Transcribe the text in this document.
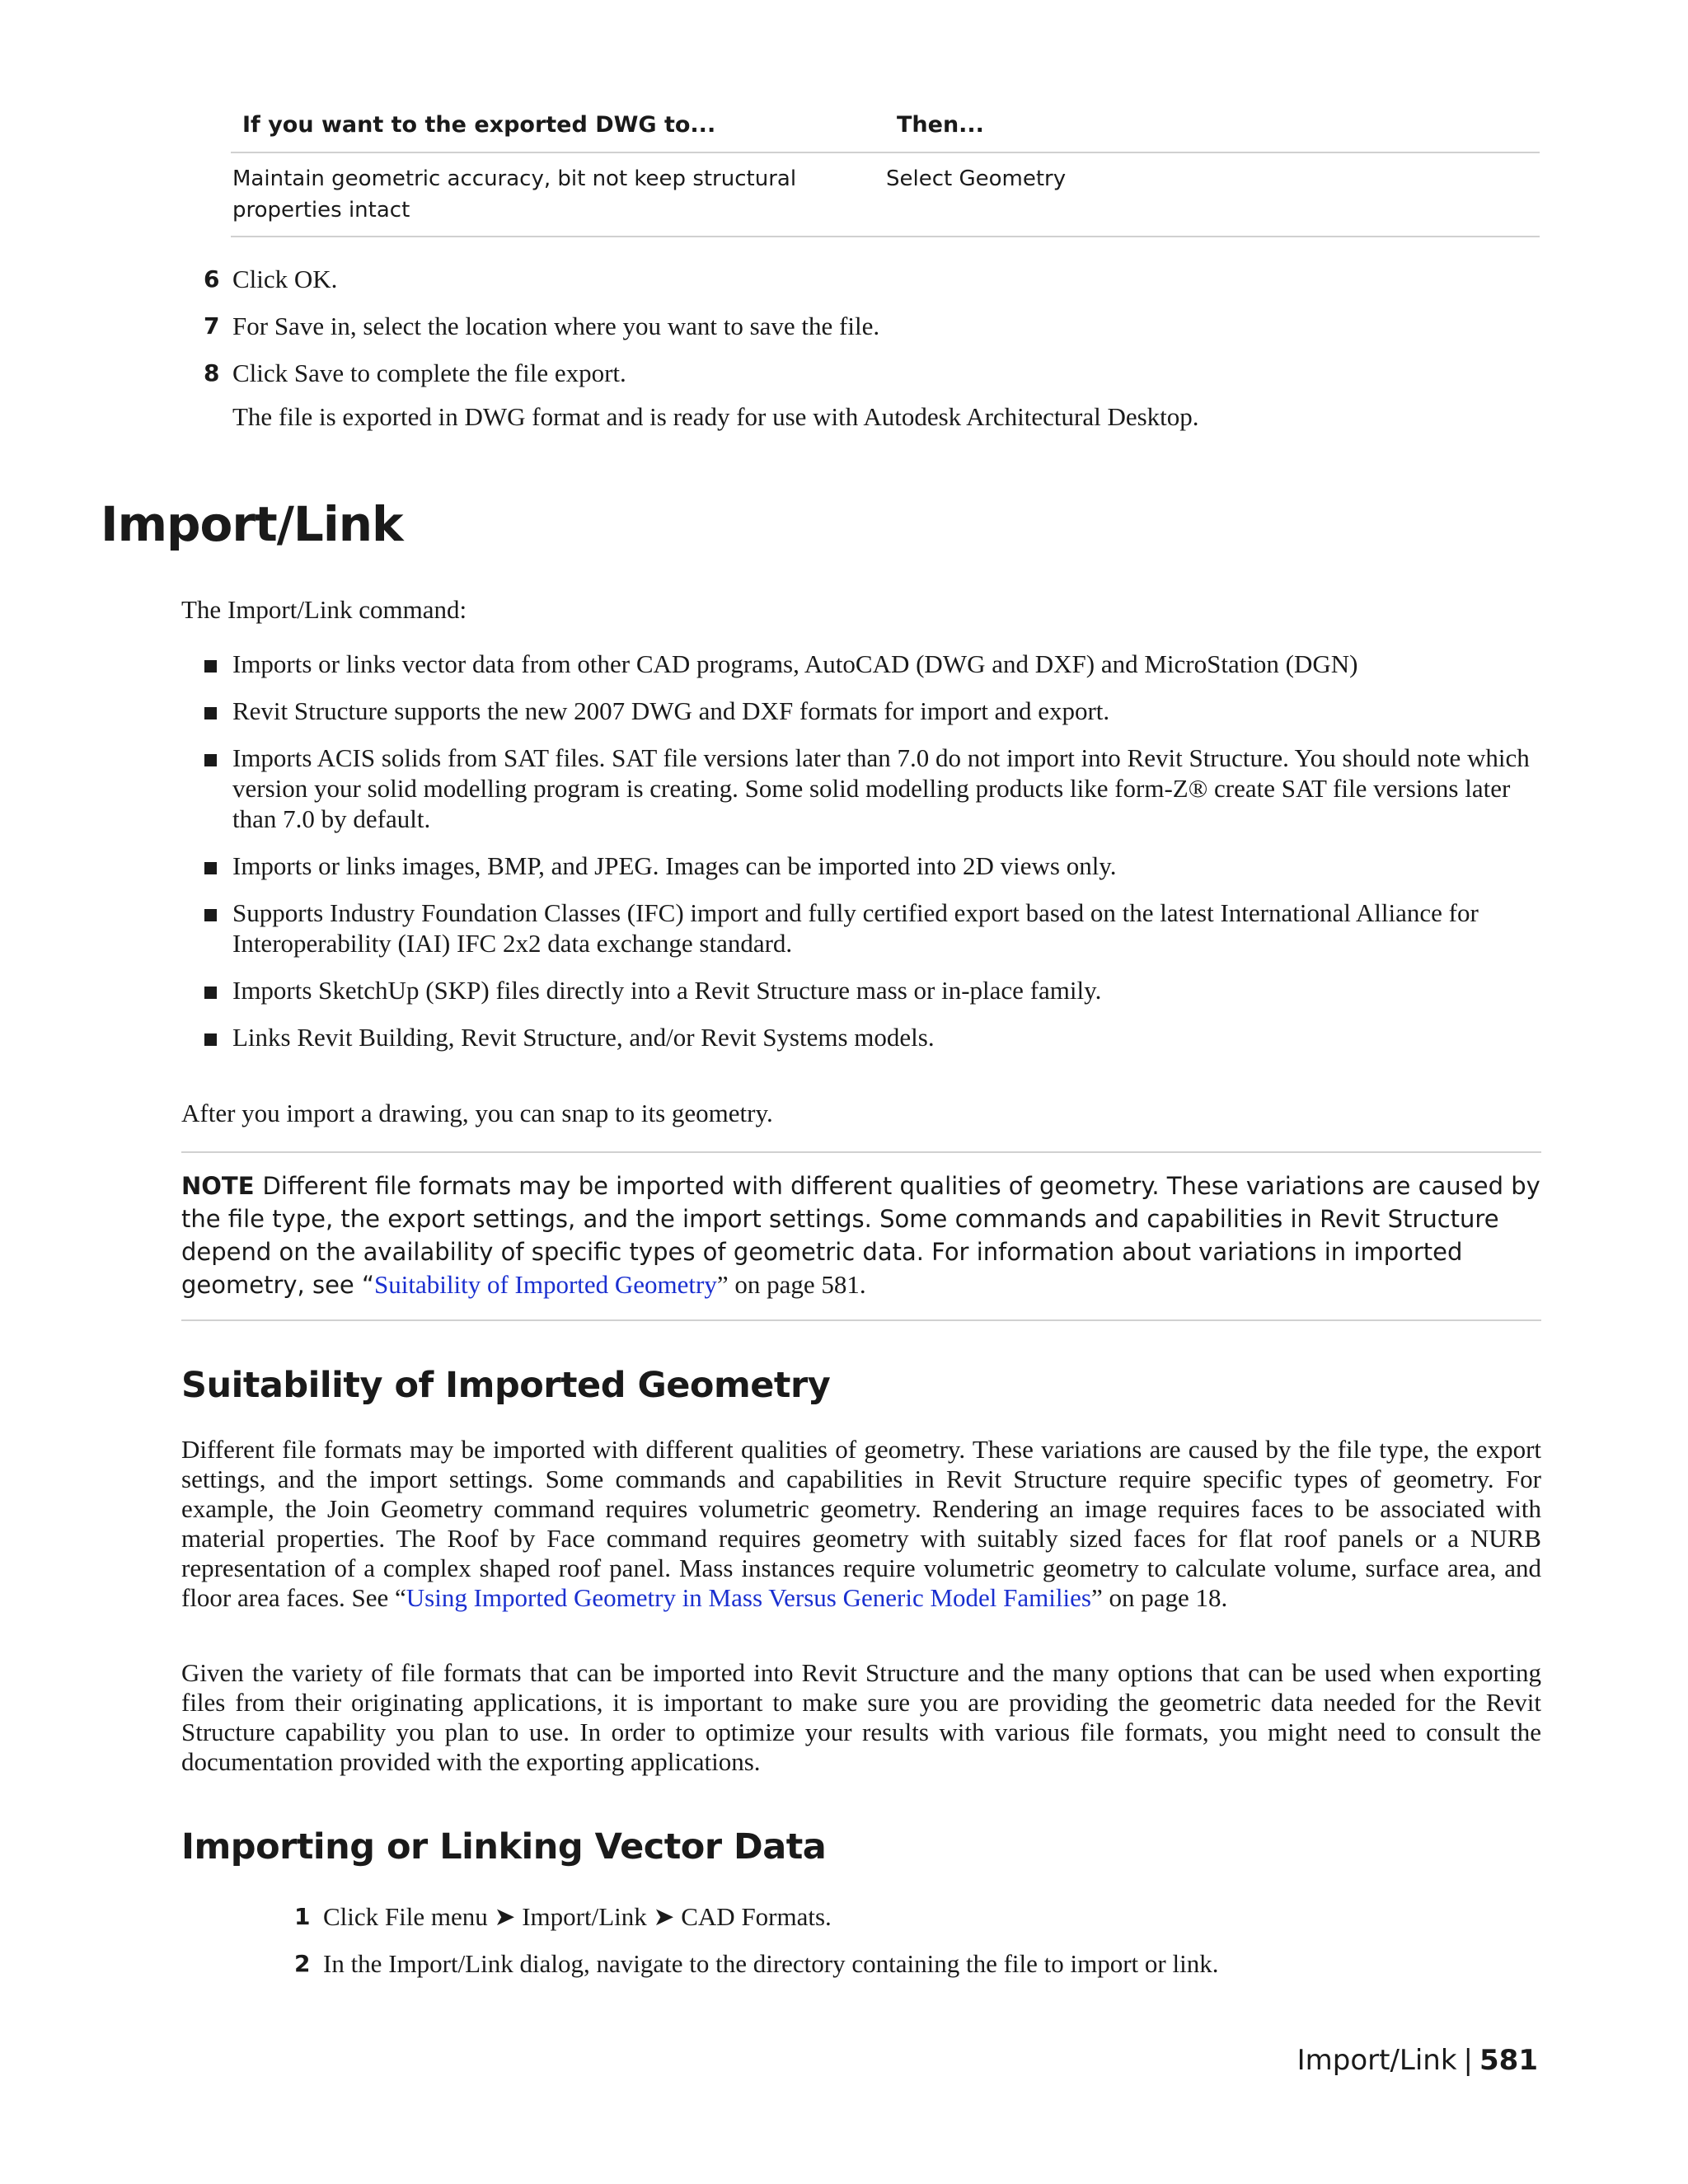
If you want to the exported DWG to...	Then...
Maintain geometric accuracy, bit not keep structural properties intact
Select Geometry
6 Click OK.
7 For Save in, select the location where you want to save the file.
8 Click Save to complete the file export.
The file is exported in DWG format and is ready for use with Autodesk Architectural Desktop.
Import/Link
The Import/Link command:
Imports or links vector data from other CAD programs, AutoCAD (DWG and DXF) and MicroStation (DGN)
Revit Structure supports the new 2007 DWG and DXF formats for import and export.
Imports ACIS solids from SAT files. SAT file versions later than 7.0 do not import into Revit Structure. You should note which version your solid modelling program is creating. Some solid modelling products like form-Z® create SAT file versions later than 7.0 by default.
Imports or links images, BMP, and JPEG. Images can be imported into 2D views only.
Supports Industry Foundation Classes (IFC) import and fully certified export based on the latest International Alliance for Interoperability (IAI) IFC 2x2 data exchange standard.
Imports SketchUp (SKP) files directly into a Revit Structure mass or in-place family.
Links Revit Building, Revit Structure, and/or Revit Systems models.
After you import a drawing, you can snap to its geometry.
NOTE Different file formats may be imported with different qualities of geometry. These variations are caused by the file type, the export settings, and the import settings. Some commands and capabilities in Revit Structure depend on the availability of specific types of geometric data. For information about variations in imported geometry, see “Suitability of Imported Geometry” on page 581.
Suitability of Imported Geometry
Different file formats may be imported with different qualities of geometry. These variations are caused by the file type, the export settings, and the import settings. Some commands and capabilities in Revit Structure require specific types of geometry. For example, the Join Geometry command requires volumetric geometry. Rendering an image requires faces to be associated with material properties. The Roof by Face command requires geometry with suitably sized faces for flat roof panels or a NURB representation of a complex shaped roof panel. Mass instances require volumetric geometry to calculate volume, surface area, and floor area faces. See “Using Imported Geometry in Mass Versus Generic Model Families” on page 18.
Given the variety of file formats that can be imported into Revit Structure and the many options that can be used when exporting files from their originating applications, it is important to make sure you are providing the geometric data needed for the Revit Structure capability you plan to use. In order to optimize your results with various file formats, you might need to consult the documentation provided with the exporting applications.
Importing or Linking Vector Data
1 Click File menu ➤ Import/Link ➤ CAD Formats.
2 In the Import/Link dialog, navigate to the directory containing the file to import or link.
Import/Link | 581
